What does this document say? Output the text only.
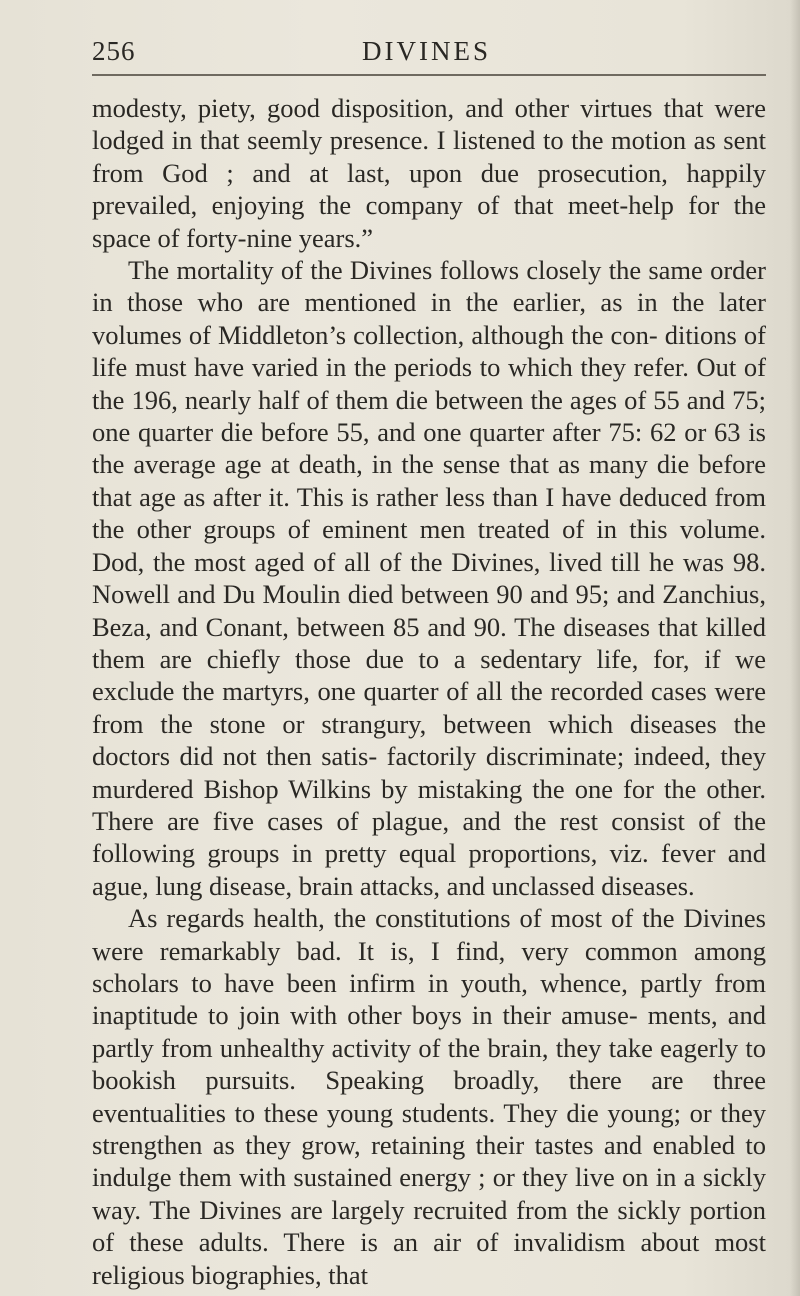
256	DIVINES

modesty, piety, good disposition, and other virtues that were lodged in that seemly presence. I listened to the motion as sent from God ; and at last, upon due prosecution, happily prevailed, enjoying the company of that meet-help for the space of forty-nine years.”

The mortality of the Divines follows closely the same order in those who are mentioned in the earlier, as in the later volumes of Middleton’s collection, although the con- ditions of life must have varied in the periods to which they refer. Out of the 196, nearly half of them die between the ages of 55 and 75; one quarter die before 55, and one quarter after 75: 62 or 63 is the average age at death, in the sense that as many die before that age as after it. This is rather less than I have deduced from the other groups of eminent men treated of in this volume. Dod, the most aged of all of the Divines, lived till he was 98. Nowell and Du Moulin died between 90 and 95; and Zanchius, Beza, and Conant, between 85 and 90. The diseases that killed them are chiefly those due to a sedentary life, for, if we exclude the martyrs, one quarter of all the recorded cases were from the stone or strangury, between which diseases the doctors did not then satis- factorily discriminate; indeed, they murdered Bishop Wilkins by mistaking the one for the other. There are five cases of plague, and the rest consist of the following groups in pretty equal proportions, viz. fever and ague, lung disease, brain attacks, and unclassed diseases.

As regards health, the constitutions of most of the Divines were remarkably bad. It is, I find, very common among scholars to have been infirm in youth, whence, partly from inaptitude to join with other boys in their amuse- ments, and partly from unhealthy activity of the brain, they take eagerly to bookish pursuits. Speaking broadly, there are three eventualities to these young students. They die young; or they strengthen as they grow, retaining their tastes and enabled to indulge them with sustained energy ; or they live on in a sickly way. The Divines are largely recruited from the sickly portion of these adults. There is an air of invalidism about most religious biographies, that
